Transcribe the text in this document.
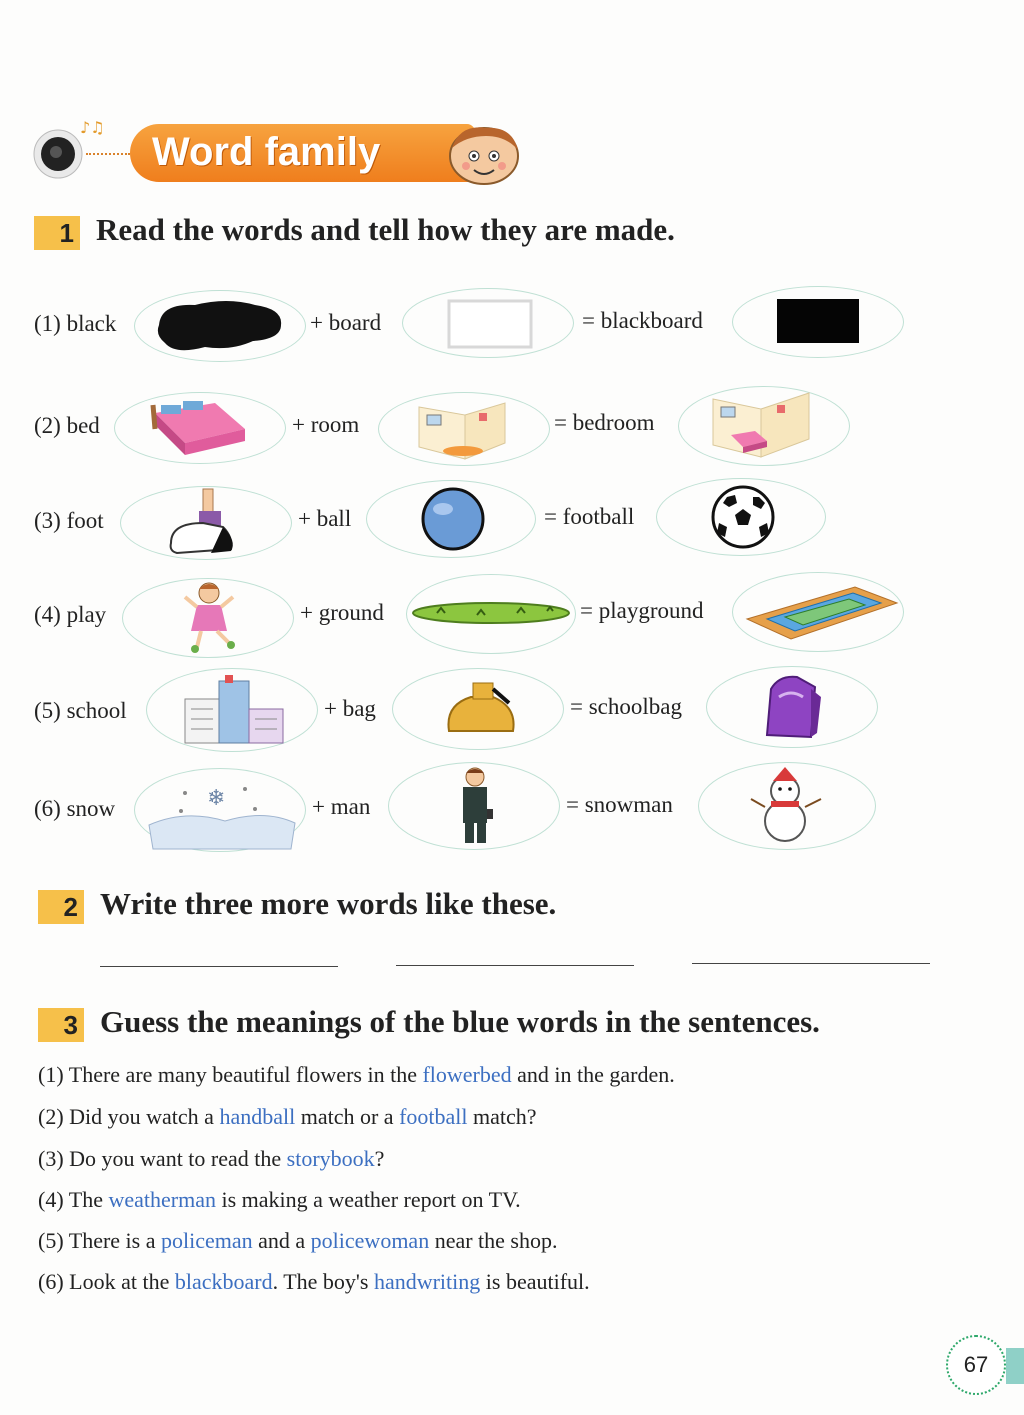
♪♫
Word family
1 Read the words and tell how they are made.
(1) black	+ board	= blackboard
(2) bed	+ room	= bedroom
(3) foot	+ ball	= football
(4) play	+ ground	= playground
(5) school	+ bag	= schoolbag
(6) snow	❄	+ man	= snowman
2 Write three more words like these.
3 Guess the meanings of the blue words in the sentences.
(1) There are many beautiful flowers in the flowerbed and in the garden.
(2) Did you watch a handball match or a football match?
(3) Do you want to read the storybook?
(4) The weatherman is making a weather report on TV.
(5) There is a policeman and a policewoman near the shop.
(6) Look at the blackboard. The boy's handwriting is beautiful.
67
